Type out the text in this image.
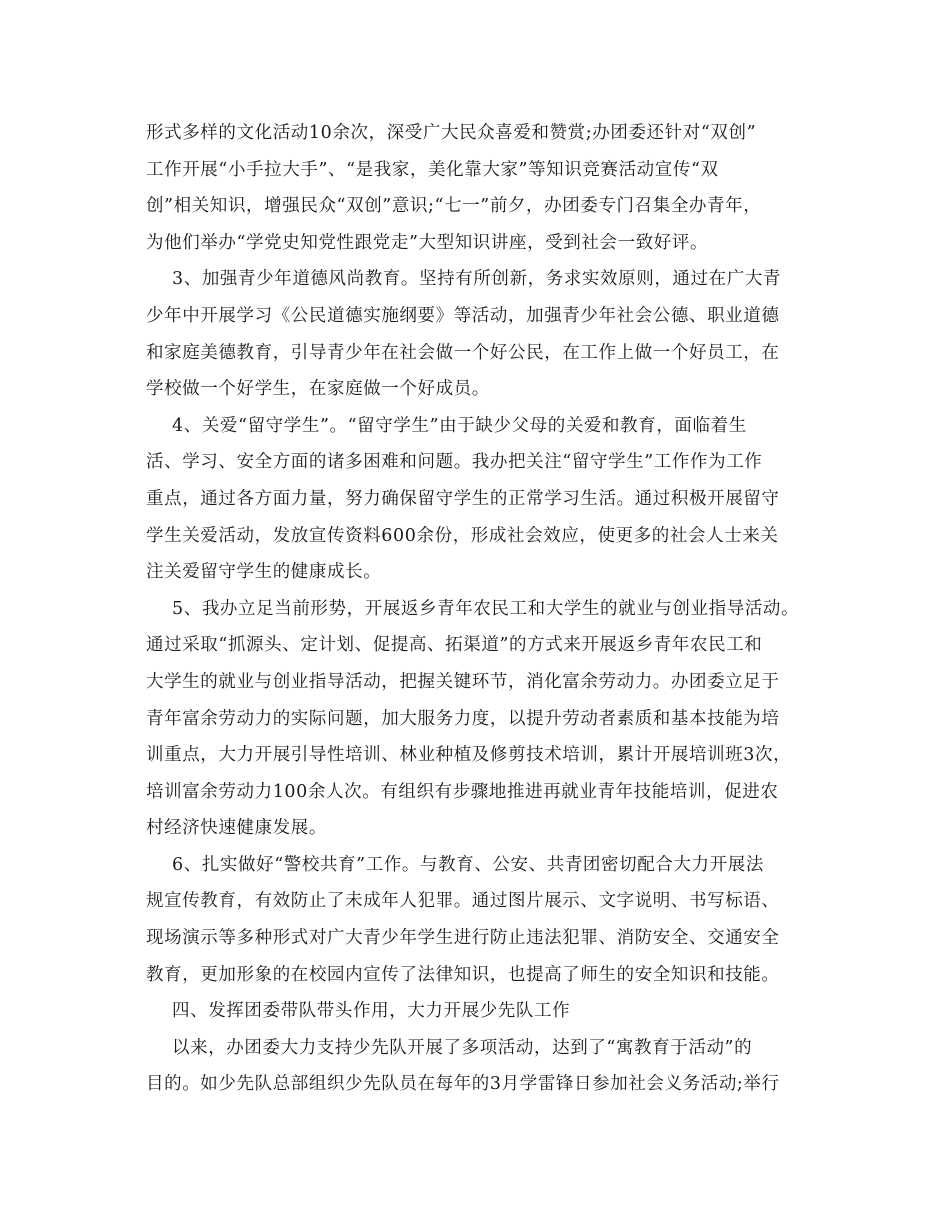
形式多样的文化活动10余次，深受广大民众喜爱和赞赏;办团委还针对“双创”
工作开展“小手拉大手”、“是我家，美化靠大家”等知识竞赛活动宣传“双
创”相关知识，增强民众“双创”意识;“七一”前夕，办团委专门召集全办青年，
为他们举办“学党史知党性跟党走”大型知识讲座，受到社会一致好评。
3、加强青少年道德风尚教育。坚持有所创新，务求实效原则，通过在广大青
少年中开展学习《公民道德实施纲要》等活动，加强青少年社会公德、职业道德
和家庭美德教育，引导青少年在社会做一个好公民，在工作上做一个好员工，在
学校做一个好学生，在家庭做一个好成员。
4、关爱“留守学生”。“留守学生”由于缺少父母的关爱和教育，面临着生
活、学习、安全方面的诸多困难和问题。我办把关注“留守学生”工作作为工作
重点，通过各方面力量，努力确保留守学生的正常学习生活。通过积极开展留守
学生关爱活动，发放宣传资料600余份，形成社会效应，使更多的社会人士来关
注关爱留守学生的健康成长。
5、我办立足当前形势，开展返乡青年农民工和大学生的就业与创业指导活动。
通过采取“抓源头、定计划、促提高、拓渠道”的方式来开展返乡青年农民工和
大学生的就业与创业指导活动，把握关键环节，消化富余劳动力。办团委立足于
青年富余劳动力的实际问题，加大服务力度，以提升劳动者素质和基本技能为培
训重点，大力开展引导性培训、林业种植及修剪技术培训，累计开展培训班3次，
培训富余劳动力100余人次。有组织有步骤地推进再就业青年技能培训，促进农
村经济快速健康发展。
6、扎实做好“警校共育”工作。与教育、公安、共青团密切配合大力开展法
规宣传教育，有效防止了未成年人犯罪。通过图片展示、文字说明、书写标语、
现场演示等多种形式对广大青少年学生进行防止违法犯罪、消防安全、交通安全
教育，更加形象的在校园内宣传了法律知识，也提高了师生的安全知识和技能。
四、发挥团委带队带头作用，大力开展少先队工作
以来，办团委大力支持少先队开展了多项活动，达到了“寓教育于活动”的
目的。如少先队总部组织少先队员在每年的3月学雷锋日参加社会义务活动;举行
